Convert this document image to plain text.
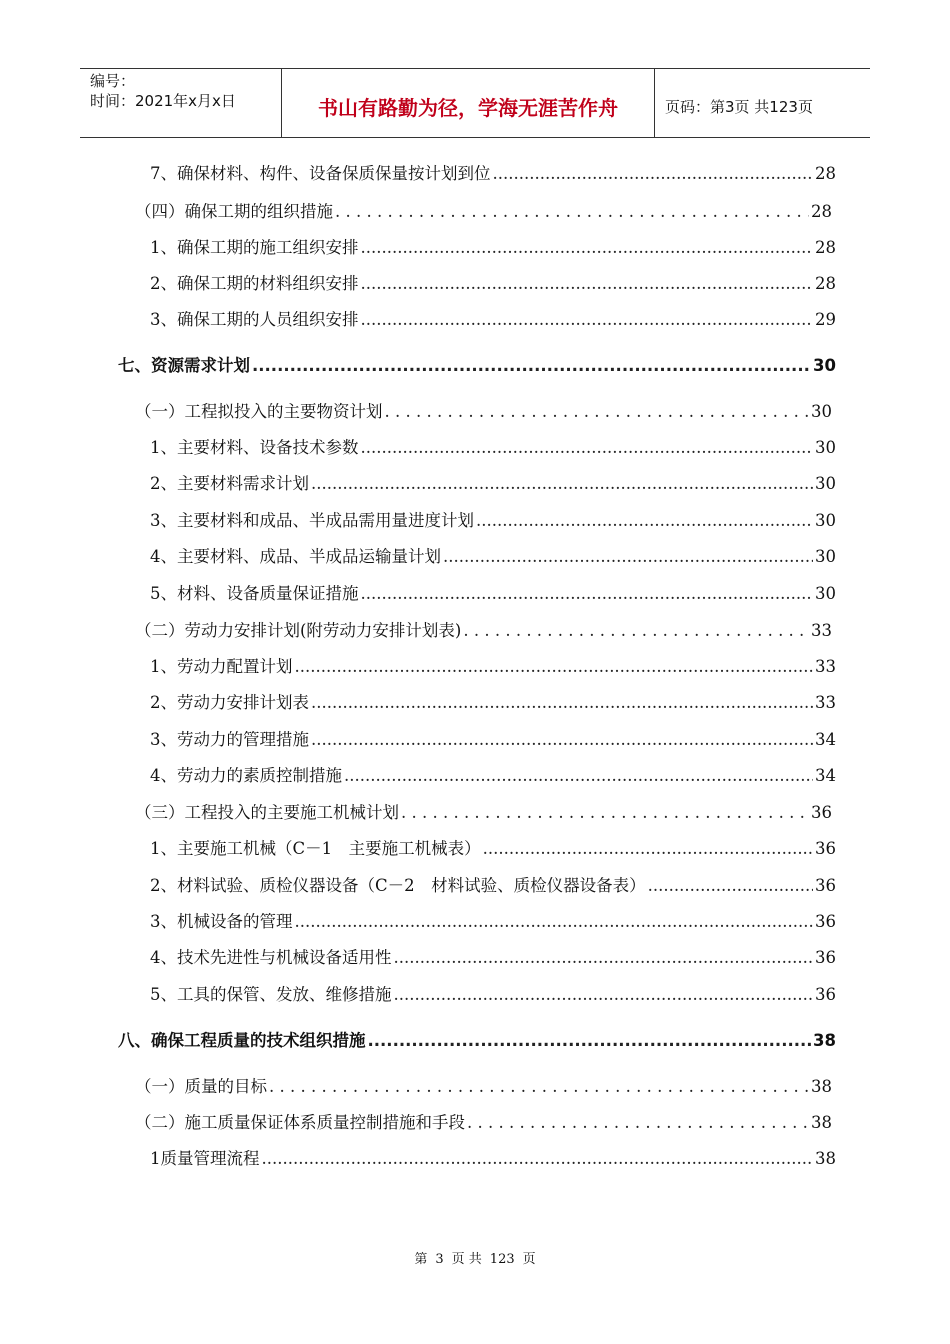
编号：
时间：2021年x月x日	书山有路勤为径，学海无涯苦作舟	页码：第3页 共123页
7、确保材料、构件、设备保质保量按计划到位 .....	28
（四）确保工期的组织措施 . . .	28
1、确保工期的施工组织安排 .....	28
2、确保工期的材料组织安排 .....	28
3、确保工期的人员组织安排 .....	29
七、资源需求计划 .....	30
（一）工程拟投入的主要物资计划 . . .	30
1、主要材料、设备技术参数 .....	30
2、主要材料需求计划 .....	30
3、主要材料和成品、半成品需用量进度计划 .....	30
4、主要材料、成品、半成品运输量计划 .....	30
5、材料、设备质量保证措施 .....	30
（二）劳动力安排计划(附劳动力安排计划表) . . .	33
1、劳动力配置计划 .....	33
2、劳动力安排计划表 .....	33
3、劳动力的管理措施 .....	34
4、劳动力的素质控制措施 .....	34
（三）工程投入的主要施工机械计划 . . .	36
1、主要施工机械（C－1　主要施工机械表） .....	36
2、材料试验、质检仪器设备（C－2　材料试验、质检仪器设备表） .....	36
3、机械设备的管理 .....	36
4、技术先进性与机械设备适用性 .....	36
5、工具的保管、发放、维修措施 .....	36
八、确保工程质量的技术组织措施 .....	38
（一）质量的目标 . . .	38
（二）施工质量保证体系质量控制措施和手段 . . .	38
1质量管理流程 .....	38
第 3 页 共 123 页
